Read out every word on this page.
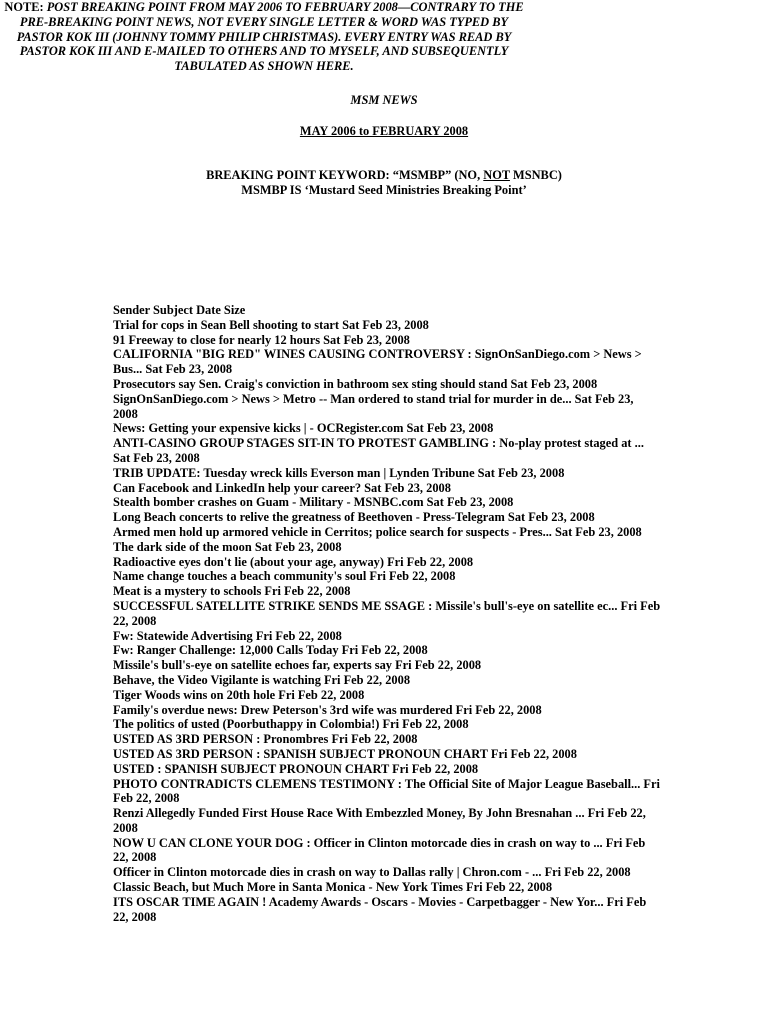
MSM NEWS
MAY 2006 to FEBRUARY 2008
BREAKING POINT KEYWORD: “MSMBP” (NO, NOT MSNBC)
MSMBP IS ‘Mustard Seed Ministries Breaking Point’
NOTE: POST BREAKING POINT FROM MAY 2006 TO FEBRUARY 2008—CONTRARY TO THE PRE-BREAKING POINT NEWS, NOT EVERY SINGLE LETTER & WORD WAS TYPED BY PASTOR KOK III (JOHNNY TOMMY PHILIP CHRISTMAS). EVERY ENTRY WAS READ BY PASTOR KOK III AND E-MAILED TO OTHERS AND TO MYSELF, AND SUBSEQUENTLY TABULATED AS SHOWN HERE.

Sender Subject Date Size

Trial for cops in Sean Bell shooting to start Sat Feb 23, 2008

91 Freeway to close for nearly 12 hours Sat Feb 23, 2008

CALIFORNIA "BIG RED" WINES CAUSING CONTROVERSY : SignOnSanDiego.com > News > Bus... Sat Feb 23, 2008

Prosecutors say Sen. Craig's conviction in bathroom sex sting should stand Sat Feb 23, 2008

SignOnSanDiego.com > News > Metro -- Man ordered to stand trial for murder in de... Sat Feb 23, 2008

News: Getting your expensive kicks | - OCRegister.com Sat Feb 23, 2008

ANTI-CASINO GROUP STAGES SIT-IN TO PROTEST GAMBLING : No-play protest staged at ... Sat Feb 23, 2008

TRIB UPDATE: Tuesday wreck kills Everson man | Lynden Tribune Sat Feb 23, 2008

Can Facebook and LinkedIn help your career? Sat Feb 23, 2008

Stealth bomber crashes on Guam - Military - MSNBC.com Sat Feb 23, 2008

Long Beach concerts to relive the greatness of Beethoven - Press-Telegram Sat Feb 23, 2008

Armed men hold up armored vehicle in Cerritos; police search for suspects - Pres... Sat Feb 23, 2008

The dark side of the moon Sat Feb 23, 2008

Radioactive eyes don't lie (about your age, anyway) Fri Feb 22, 2008

Name change touches a beach community's soul Fri Feb 22, 2008

Meat is a mystery to schools Fri Feb 22, 2008

SUCCESSFUL SATELLITE STRIKE SENDS ME SSAGE : Missile's bull's-eye on satellite ec... Fri Feb 22, 2008

Fw: Statewide Advertising Fri Feb 22, 2008

Fw: Ranger Challenge: 12,000 Calls Today Fri Feb 22, 2008

Missile's bull's-eye on satellite echoes far, experts say Fri Feb 22, 2008

Behave, the Video Vigilante is watching Fri Feb 22, 2008

Tiger Woods wins on 20th hole Fri Feb 22, 2008

Family's overdue news: Drew Peterson's 3rd wife was murdered Fri Feb 22, 2008

The politics of usted (Poorbuthappy in Colombia!) Fri Feb 22, 2008

USTED AS 3RD PERSON : Pronombres Fri Feb 22, 2008

USTED AS 3RD PERSON : SPANISH SUBJECT PRONOUN CHART Fri Feb 22, 2008

USTED : SPANISH SUBJECT PRONOUN CHART Fri Feb 22, 2008

PHOTO CONTRADICTS CLEMENS TESTIMONY : The Official Site of Major League Baseball... Fri Feb 22, 2008

Renzi Allegedly Funded First House Race With Embezzled Money, By John Bresnahan ... Fri Feb 22, 2008

NOW U CAN CLONE YOUR DOG : Officer in Clinton motorcade dies in crash on way to ... Fri Feb 22, 2008

Officer in Clinton motorcade dies in crash on way to Dallas rally | Chron.com - ... Fri Feb 22, 2008

Classic Beach, but Much More in Santa Monica - New York Times Fri Feb 22, 2008

ITS OSCAR TIME AGAIN ! Academy Awards - Oscars - Movies - Carpetbagger - New Yor... Fri Feb 22, 2008
